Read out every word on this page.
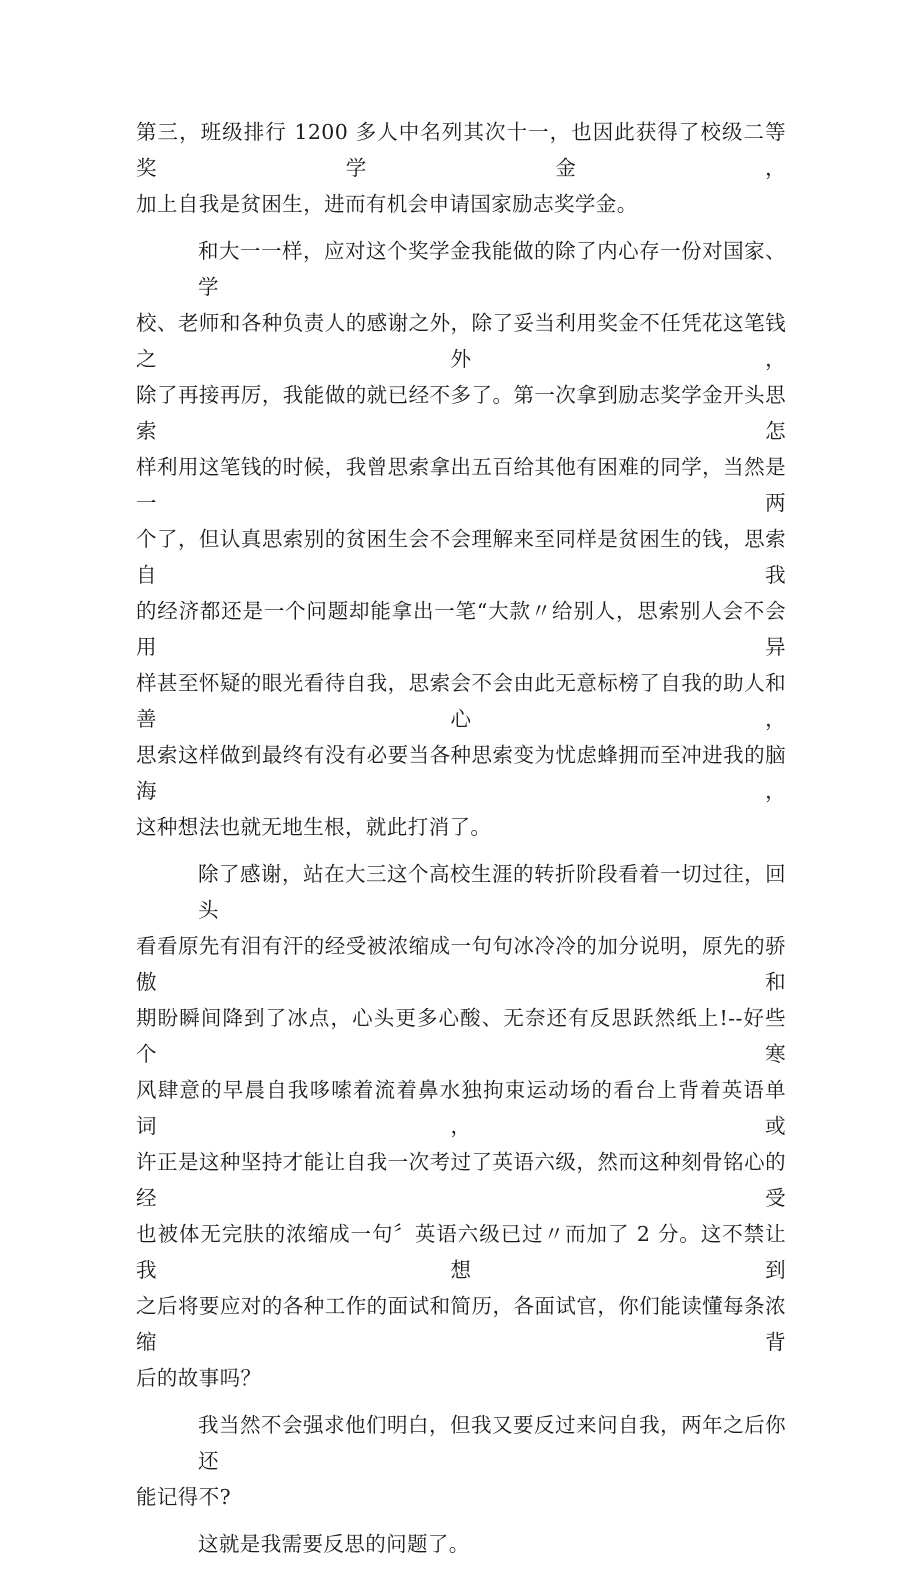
第三，班级排行 1200 多人中名列其次十一，也因此获得了校级二等奖学金，
加上自我是贫困生，进而有机会申请国家励志奖学金。
和大一一样，应对这个奖学金我能做的除了内心存一份对国家、学
校、老师和各种负责人的感谢之外，除了妥当利用奖金不任凭花这笔钱之外，
除了再接再厉，我能做的就已经不多了。第一次拿到励志奖学金开头思索怎
样利用这笔钱的时候，我曾思索拿出五百给其他有困难的同学，当然是一两
个了，但认真思索别的贫困生会不会理解来至同样是贫困生的钱，思索自我
的经济都还是一个问题却能拿出一笔“大款〃给别人，思索别人会不会用异
样甚至怀疑的眼光看待自我，思索会不会由此无意标榜了自我的助人和善心，
思索这样做到最终有没有必要当各种思索变为忧虑蜂拥而至冲进我的脑海，
这种想法也就无地生根，就此打消了。
除了感谢，站在大三这个高校生涯的转折阶段看着一切过往，回头
看看原先有泪有汗的经受被浓缩成一句句冰冷冷的加分说明，原先的骄傲和
期盼瞬间降到了冰点，心头更多心酸、无奈还有反思跃然纸上!--好些个寒
风肆意的早晨自我哆嗦着流着鼻水独拘束运动场的看台上背着英语单词，或
许正是这种坚持才能让自我一次考过了英语六级，然而这种刻骨铭心的经受
也被体无完肤的浓缩成一句〞英语六级已过〃而加了 2 分。这不禁让我想到
之后将要应对的各种工作的面试和简历，各面试官，你们能读懂每条浓缩背
后的故事吗？
我当然不会强求他们明白，但我又要反过来问自我，两年之后你还
能记得不?
这就是我需要反思的问题了。
